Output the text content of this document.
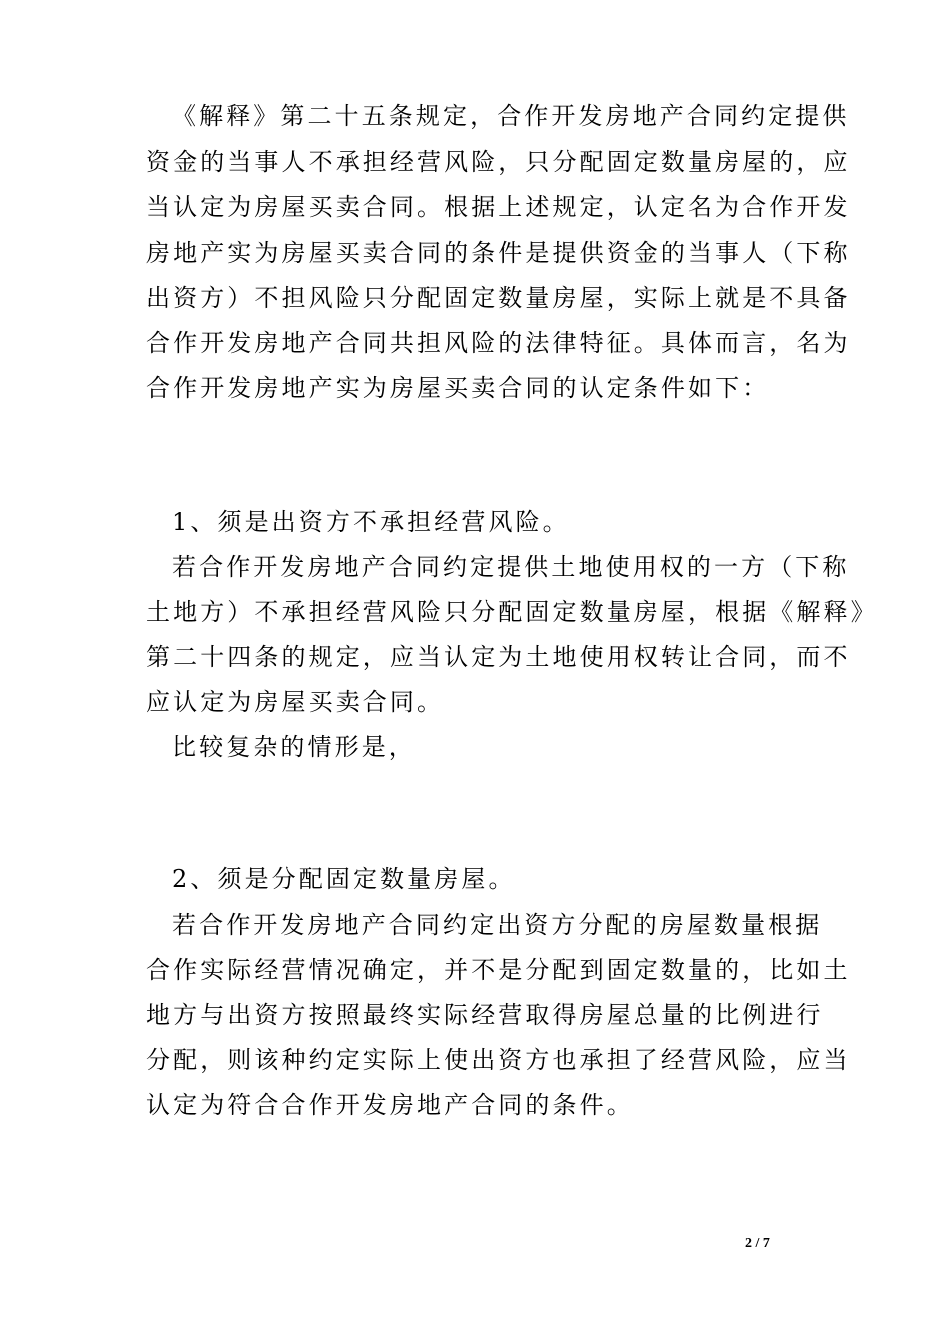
《解释》第二十五条规定，合作开发房地产合同约定提供
资金的当事人不承担经营风险，只分配固定数量房屋的，应
当认定为房屋买卖合同。根据上述规定，认定名为合作开发
房地产实为房屋买卖合同的条件是提供资金的当事人（下称
出资方）不担风险只分配固定数量房屋，实际上就是不具备
合作开发房地产合同共担风险的法律特征。具体而言，名为
合作开发房地产实为房屋买卖合同的认定条件如下：
1、须是出资方不承担经营风险。
若合作开发房地产合同约定提供土地使用权的一方（下称
土地方）不承担经营风险只分配固定数量房屋，根据《解释》
第二十四条的规定，应当认定为土地使用权转让合同，而不
应认定为房屋买卖合同。
比较复杂的情形是，
2、须是分配固定数量房屋。
若合作开发房地产合同约定出资方分配的房屋数量根据
合作实际经营情况确定，并不是分配到固定数量的，比如土
地方与出资方按照最终实际经营取得房屋总量的比例进行
分配，则该种约定实际上使出资方也承担了经营风险，应当
认定为符合合作开发房地产合同的条件。
2 / 7
